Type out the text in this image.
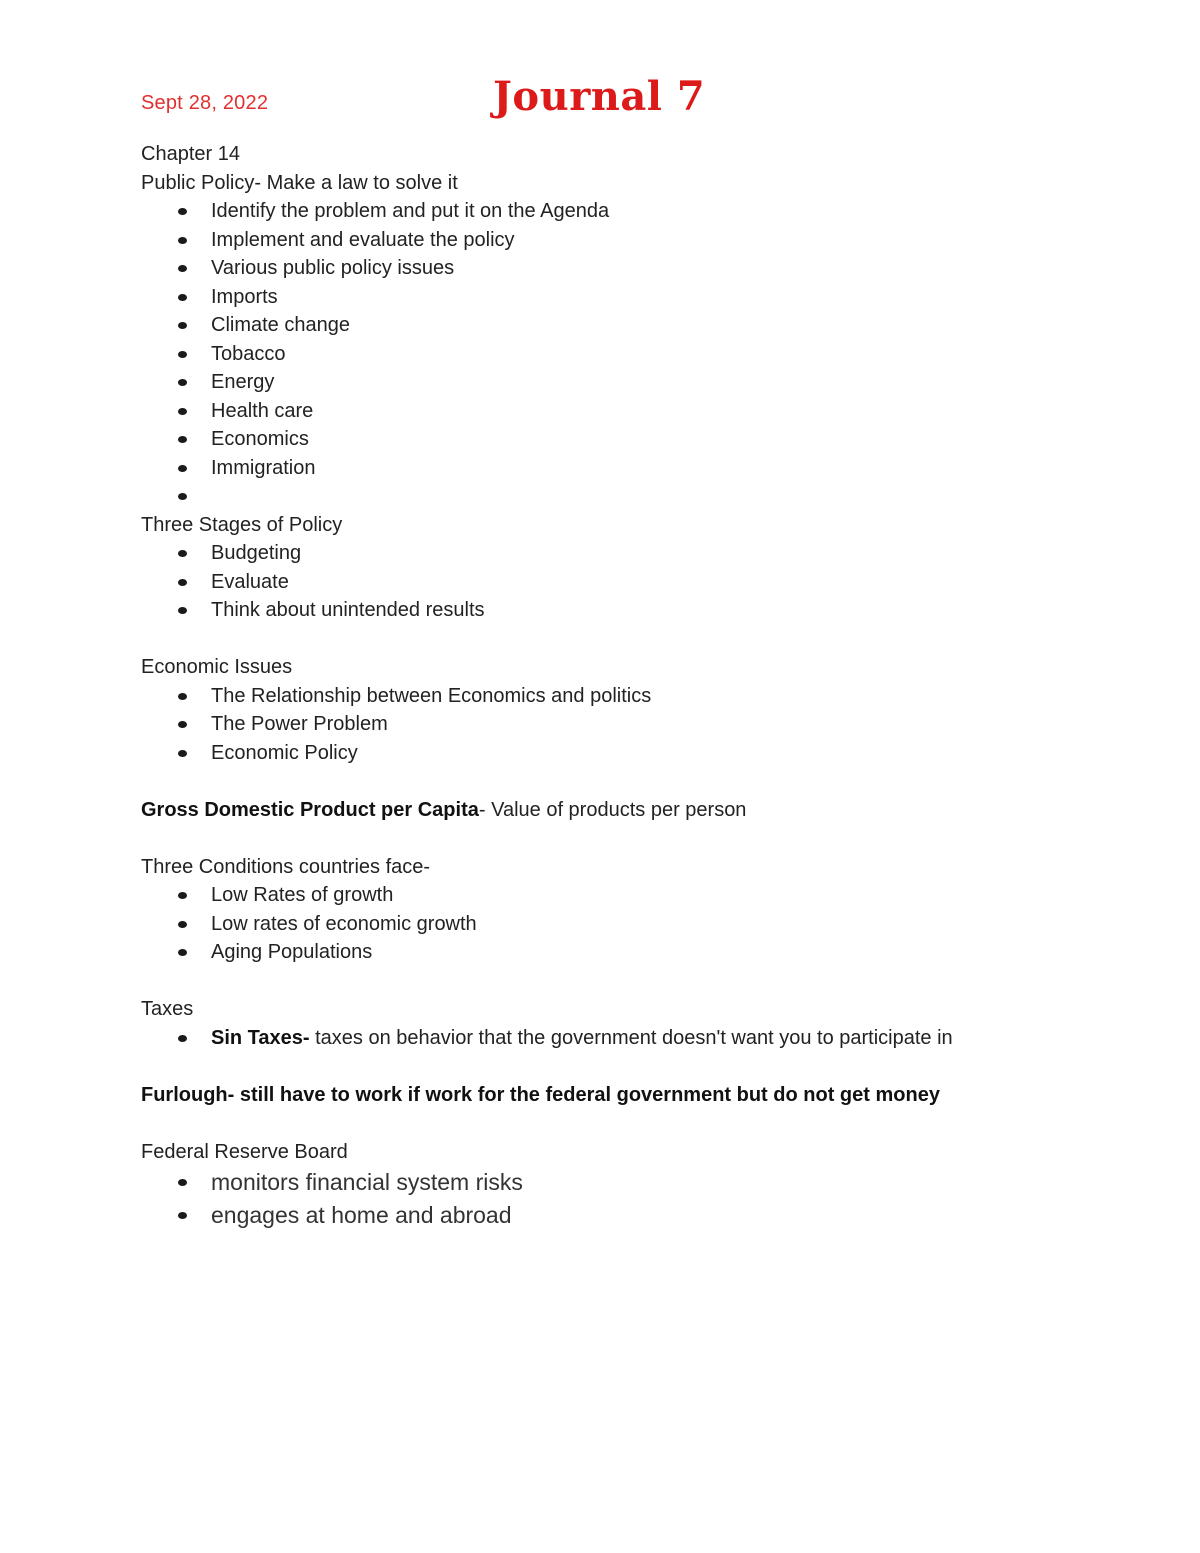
Sept 28, 2022	Journal 7
Chapter 14
Public Policy- Make a law to solve it
Identify the problem and put it on the Agenda
Implement and evaluate the policy
Various public policy issues
Imports
Climate change
Tobacco
Energy
Health care
Economics
Immigration
Three Stages of Policy
Budgeting
Evaluate
Think about unintended results
Economic Issues
The Relationship between Economics and politics
The Power Problem
Economic Policy
Gross Domestic Product per Capita- Value of products per person
Three Conditions countries face-
Low Rates of growth
Low rates of economic growth
Aging Populations
Taxes
Sin Taxes- taxes on behavior that the government doesn't want you to participate in
Furlough- still have to work if work for the federal government but do not get money
Federal Reserve Board
monitors financial system risks
engages at home and abroad
